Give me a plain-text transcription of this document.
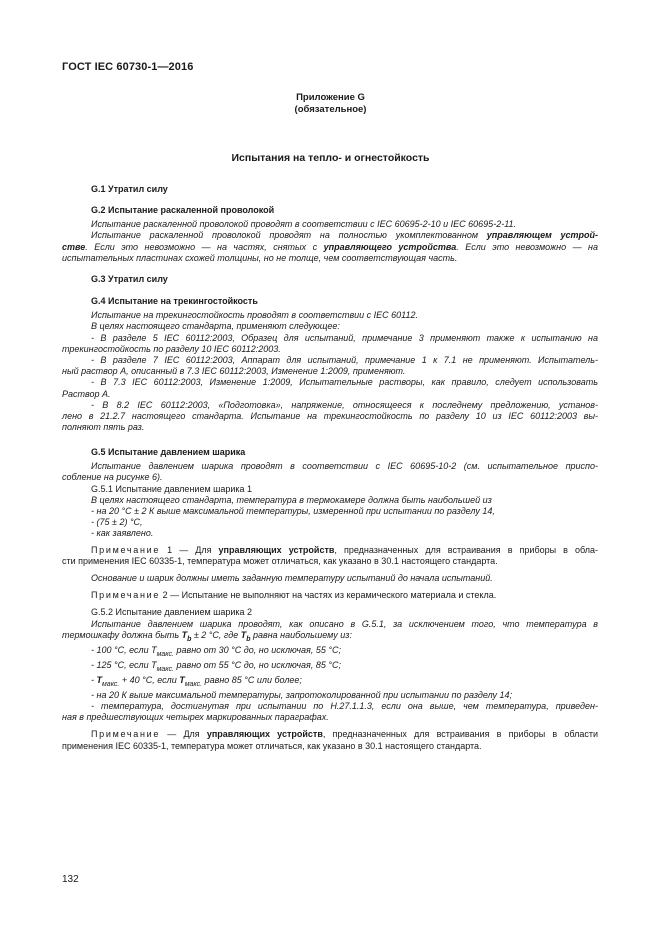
ГОСТ IEC 60730-1—2016
Приложение G
(обязательное)
Испытания на тепло- и огнестойкость

G.1 Утратил силу

G.2 Испытание раскаленной проволокой

Испытание раскаленной проволокой проводят в соответствии с IEC 60695-2-10 и IEC 60695-2-11.

Испытание раскаленной проволокой проводят на полностью укомплектованном управляющем устрой-

стве. Если это невозможно — на частях, снятых с управляющего устройства. Если это невозможно — на

испытательных пластинах схожей толщины, но не толще, чем соответствующая часть.

G.3 Утратил силу

G.4 Испытание на трекингостойкость

Испытание на трекингостойкость проводят в соответствии с IEC 60112.

В целях настоящего стандарта, применяют следующее:

- В разделе 5 IEC 60112:2003, Образец для испытаний, примечание 3 применяют также к испытанию на

трекингостойкость по разделу 10 IEC 60112:2003.

- В разделе 7 IEC 60112:2003, Аппарат для испытаний, примечание 1 к 7.1 не применяют. Испытатель-

ный раствор А, описанный в 7.3 IEC 60112:2003, Изменение 1:2009, применяют.

- В 7.3 IEC 60112:2003, Изменение 1:2009, Испытательные растворы, как правило, следует использовать

Раствор А.

- В 8.2 IEC 60112:2003, «Подготовка», напряжение, относящееся к последнему предложению, установ-

лено в 21.2.7 настоящего стандарта. Испытание на трекингостойкость по разделу 10 из IEC 60112:2003 вы-

полняют пять раз.

G.5 Испытание давлением шарика

Испытание давлением шарика проводят в соответствии с IEC 60695-10-2 (см. испытательное приспо-

собление на рисунке 6).

G.5.1 Испытание давлением шарика 1

В целях настоящего стандарта, температура в термокамере должна быть наибольшей из

- на 20 °C ± 2 К выше максимальной температуры, измеренной при испытании по разделу 14,

- (75 ± 2) °C,

- как заявлено.

Примечание 1 — Для управляющих устройств, предназначенных для встраивания в приборы в обла-

сти применения IEC 60335-1, температура может отличаться, как указано в 30.1 настоящего стандарта.

Основание и шарик должны иметь заданную температуру испытаний до начала испытаний.

Примечание 2 — Испытание не выполняют на частях из керамического материала и стекла.

G.5.2 Испытание давлением шарика 2

Испытание давлением шарика проводят, как описано в G.5.1, за исключением того, что температура в

термошкафу должна быть $T_b \pm 2$ °C, где $T_b$ равна наибольшему из:

- 100 °C, если $T_{макс.}$ равно от 30 °C до, но исключая, 55 °C;

- 125 °C, если $T_{макс.}$ равно от 55 °C до, но исключая, 85 °C;

- $T_{макс.} + 40$ °C, если $T_{макс.}$ равно 85 °C или более;

- на 20 К выше максимальной температуры, запротоколированной при испытании по разделу 14;

- температура, достигнутая при испытании по Н.27.1.1.3, если она выше, чем температура, приведен-

ная в предшествующих четырех маркированных параграфах.

Примечание — Для управляющих устройств, предназначенных для встраивания в приборы в области

применения IEC 60335-1, температура может отличаться, как указано в 30.1 настоящего стандарта.

132
